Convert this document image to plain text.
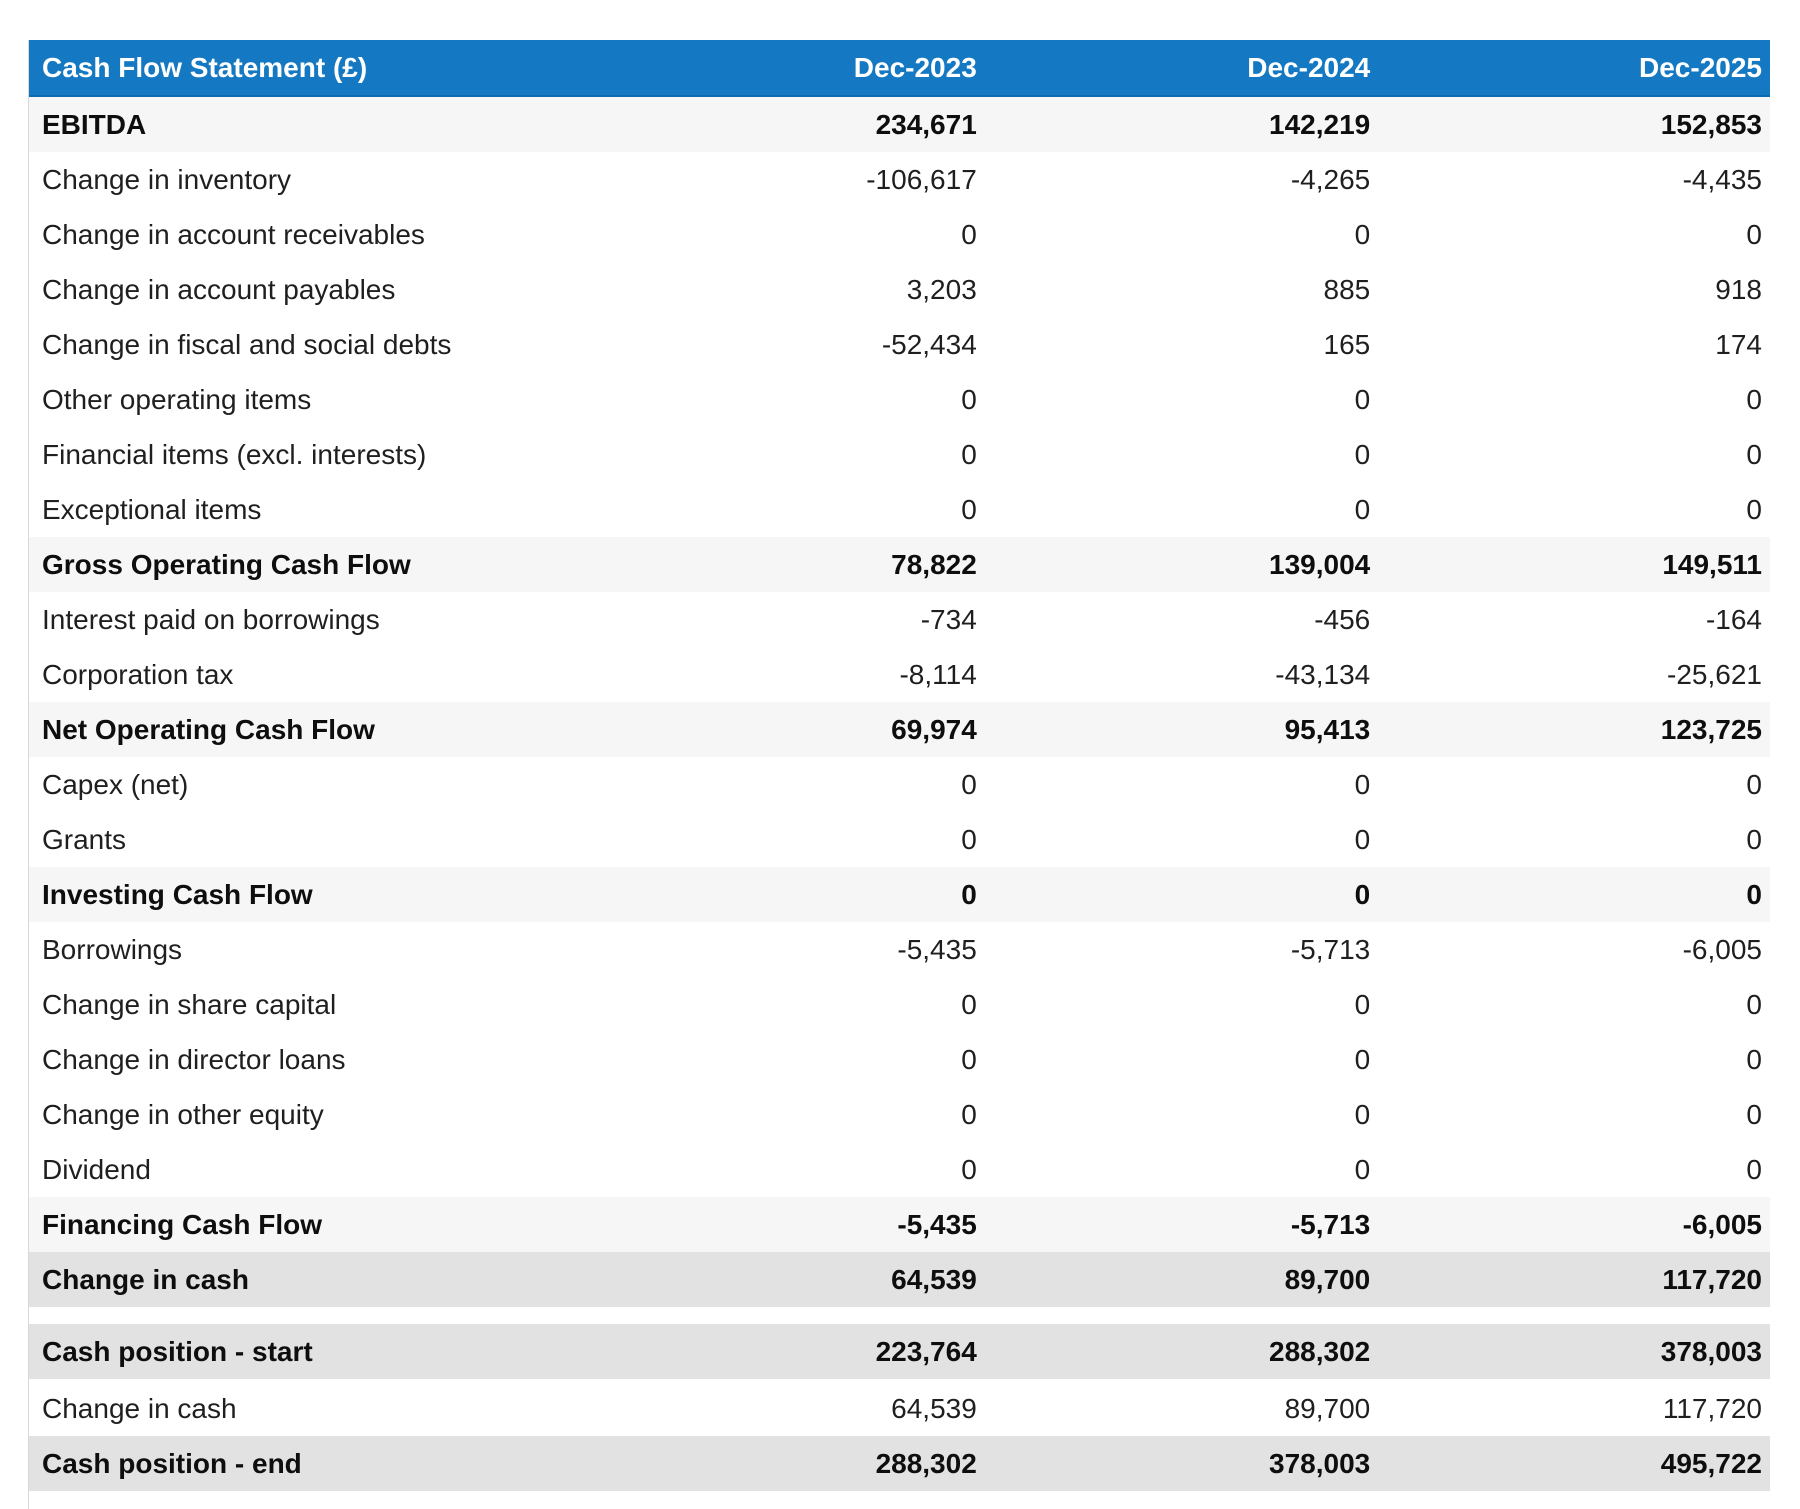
Cash Flow Statement (£)	Dec-2023	Dec-2024	Dec-2025
EBITDA	234,671	142,219	152,853
Change in inventory	-106,617	-4,265	-4,435
Change in account receivables	0	0	0
Change in account payables	3,203	885	918
Change in fiscal and social debts	-52,434	165	174
Other operating items	0	0	0
Financial items (excl. interests)	0	0	0
Exceptional items	0	0	0
Gross Operating Cash Flow	78,822	139,004	149,511
Interest paid on borrowings	-734	-456	-164
Corporation tax	-8,114	-43,134	-25,621
Net Operating Cash Flow	69,974	95,413	123,725
Capex (net)	0	0	0
Grants	0	0	0
Investing Cash Flow	0	0	0
Borrowings	-5,435	-5,713	-6,005
Change in share capital	0	0	0
Change in director loans	0	0	0
Change in other equity	0	0	0
Dividend	0	0	0
Financing Cash Flow	-5,435	-5,713	-6,005
Change in cash	64,539	89,700	117,720

Cash position - start	223,764	288,302	378,003
Change in cash	64,539	89,700	117,720
Cash position - end	288,302	378,003	495,722
